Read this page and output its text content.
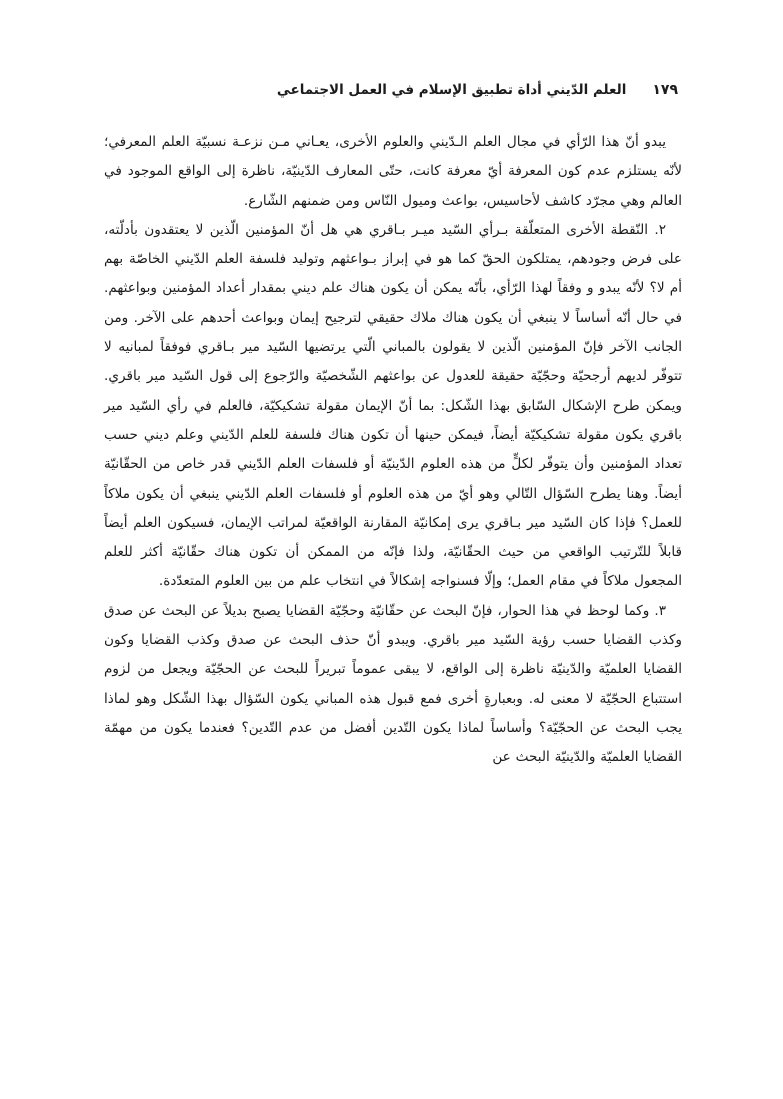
١٧٩
العلم الدّيني أداة تطبيق الإسلام في العمل الاجتماعي

يبدو أنّ هذا الرّأي في مجال العلم الـدّيني والعلوم الأخرى، يعـاني مـن نزعـة نسبيّة العلم المعرفي؛ لأنّه يستلزم عدم كون المعرفة أيّ معرفة كانت، حتّى المعارف الدّينيّة، ناظرة إلى الواقع الموجود في العالم وهي مجرّد كاشف لأحاسيس، بواعث وميول النّاس ومن ضمنهم الشّارع.

٢. النّقطة الأخرى المتعلّقة بـرأي السّيد ميـر بـاقري هي هل أنّ المؤمنين الّذين لا يعتقدون بأدلّته، على فرض وجودهم، يمتلكون الحقّ كما هو في إبراز بـواعثهم وتوليد فلسفة العلم الدّيني الخاصّة بهم أم لا؟ لأنّه يبدو و وفقاً لهذا الرّأي، بأنّه يمكن أن يكون هناك علم ديني بمقدار أعداد المؤمنين وبواعثهم. في حال أنّه أساساً لا ينبغي أن يكون هناك ملاك حقيقي لترجيح إيمان وبواعث أحدهم على الآخر. ومن الجانب الآخر فإنّ المؤمنين الّذين لا يقولون بالمباني الّتي يرتضيها السّيد مير بـاقري فوفقاً لمبانيه لا تتوفّر لديهم أرجحيّة وحجّيّة حقيقة للعدول عن بواعثهم الشّخصيّة والرّجوع إلى قول السّيد مير باقري. ويمكن طرح الإشكال السّابق بهذا الشّكل: بما أنّ الإيمان مقولة تشكيكيّة، فالعلم في رأي السّيد مير باقري يكون مقولة تشكيكيّة أيضاً، فيمكن حينها أن تكون هناك فلسفة للعلم الدّيني وعلم ديني حسب تعداد المؤمنين وأن يتوفّر لكلٍّ من هذه العلوم الدّينيّة أو فلسفات العلم الدّيني قدر خاص من الحقّانيّة أيضاً. وهنا يطرح السّؤال التّالي وهو أيّ من هذه العلوم أو فلسفات العلم الدّيني ينبغي أن يكون ملاكاً للعمل؟ فإذا كان السّيد مير بـاقري يرى إمكانيّة المقارنة الواقعيّة لمراتب الإيمان، فسيكون العلم أيضاً قابلاً للتّرتيب الواقعي من حيث الحقّانيّة، ولذا فإنّه من الممكن أن تكون هناك حقّانيّة أكثر للعلم المجعول ملاكاً في مقام العمل؛ وإلّا فسنواجه إشكالاً في انتخاب علم من بين العلوم المتعدّدة.

٣. وكما لوحظ في هذا الحوار، فإنّ البحث عن حقّانيّة وحجّيّة القضايا يصبح بديلاً عن البحث عن صدق وكذب القضايا حسب رؤية السّيد مير باقري. ويبدو أنّ حذف البحث عن صدق وكذب القضايا وكون القضايا العلميّة والدّينيّة ناظرة إلى الواقع، لا يبقى عموماً تبريراً للبحث عن الحجّيّة ويجعل من لزوم استتباع الحجّيّة لا معنى له. وبعبارةٍ أخرى فمع قبول هذه المباني يكون السّؤال بهذا الشّكل وهو لماذا يجب البحث عن الحجّيّة؟ وأساساً لماذا يكون التّدين أفضل من عدم التّدين؟ فعندما يكون من مهمّة القضايا العلميّة والدّينيّة البحث عن
